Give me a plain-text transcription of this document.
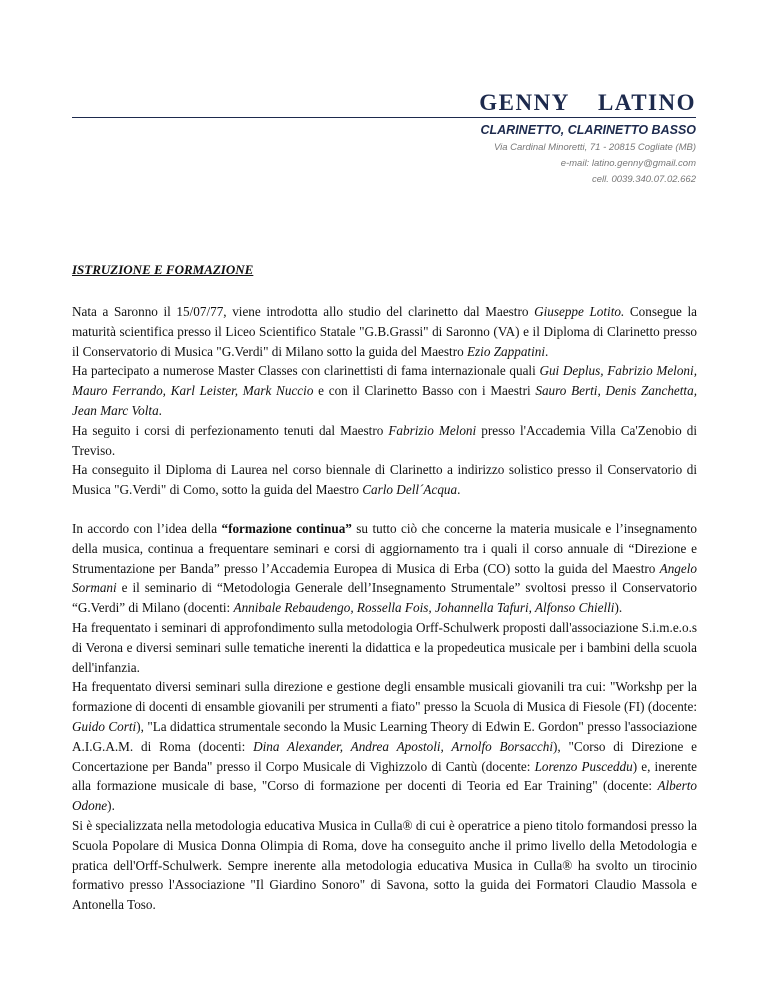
GENNY    LATINO
CLARINETTO, CLARINETTO BASSO
Via Cardinal Minoretti, 71 - 20815 Cogliate (MB)
e-mail: latino.genny@gmail.com
cell. 0039.340.07.02.662
ISTRUZIONE E FORMAZIONE

Nata a Saronno il 15/07/77, viene introdotta allo studio del clarinetto dal Maestro Giuseppe Lotito. Consegue la maturità scientifica presso il Liceo Scientifico Statale "G.B.Grassi" di Saronno (VA) e il Diploma di Clarinetto presso il Conservatorio di Musica "G.Verdi" di Milano sotto la guida del Maestro Ezio Zappatini.

Ha partecipato a numerose Master Classes con clarinettisti di fama internazionale quali Gui Deplus, Fabrizio Meloni, Mauro Ferrando, Karl Leister, Mark Nuccio e con il Clarinetto Basso con i Maestri Sauro Berti, Denis Zanchetta, Jean Marc Volta.

Ha seguito i corsi di perfezionamento tenuti dal Maestro Fabrizio Meloni presso l'Accademia Villa Ca'Zenobio di Treviso.

Ha conseguito il Diploma di Laurea nel corso biennale di Clarinetto a indirizzo solistico presso il Conservatorio di Musica "G.Verdi" di Como, sotto la guida del Maestro Carlo Dell´Acqua.

In accordo con l’idea della “formazione continua” su tutto ciò che concerne la materia musicale e l’insegnamento della musica, continua a frequentare seminari e corsi di aggiornamento tra i quali il corso annuale di “Direzione e Strumentazione per Banda” presso l’Accademia Europea di Musica di Erba (CO) sotto la guida del Maestro Angelo Sormani e il seminario di “Metodologia Generale dell’Insegnamento Strumentale” svoltosi presso il Conservatorio “G.Verdi” di Milano (docenti: Annibale Rebaudengo, Rossella Fois, Johannella Tafuri, Alfonso Chielli).

Ha frequentato i seminari di approfondimento sulla metodologia Orff-Schulwerk proposti dall'associazione S.i.m.e.o.s di Verona e diversi seminari sulle tematiche inerenti la didattica e la propedeutica musicale per i bambini della scuola dell'infanzia.

Ha frequentato diversi seminari sulla direzione e gestione degli ensamble musicali giovanili tra cui: "Workshp per la formazione di docenti di ensamble giovanili per strumenti a fiato" presso la Scuola di Musica di Fiesole (FI) (docente: Guido Corti), "La didattica strumentale secondo la Music Learning Theory di Edwin E. Gordon" presso l'associazione A.I.G.A.M. di Roma (docenti: Dina Alexander, Andrea Apostoli, Arnolfo Borsacchi), "Corso di Direzione e Concertazione per Banda" presso il Corpo Musicale di Vighizzolo di Cantù (docente: Lorenzo Pusceddu) e, inerente alla formazione musicale di base, "Corso di formazione per docenti di Teoria ed Ear Training" (docente: Alberto Odone).

Si è specializzata nella metodologia educativa Musica in Culla® di cui è operatrice a pieno titolo formandosi presso la Scuola Popolare di Musica Donna Olimpia di Roma, dove ha conseguito anche il primo livello della Metodologia e pratica dell'Orff-Schulwerk. Sempre inerente alla metodologia educativa Musica in Culla® ha svolto un tirocinio formativo presso l'Associazione "Il Giardino Sonoro" di Savona, sotto la guida dei Formatori Claudio Massola e Antonella Toso.
